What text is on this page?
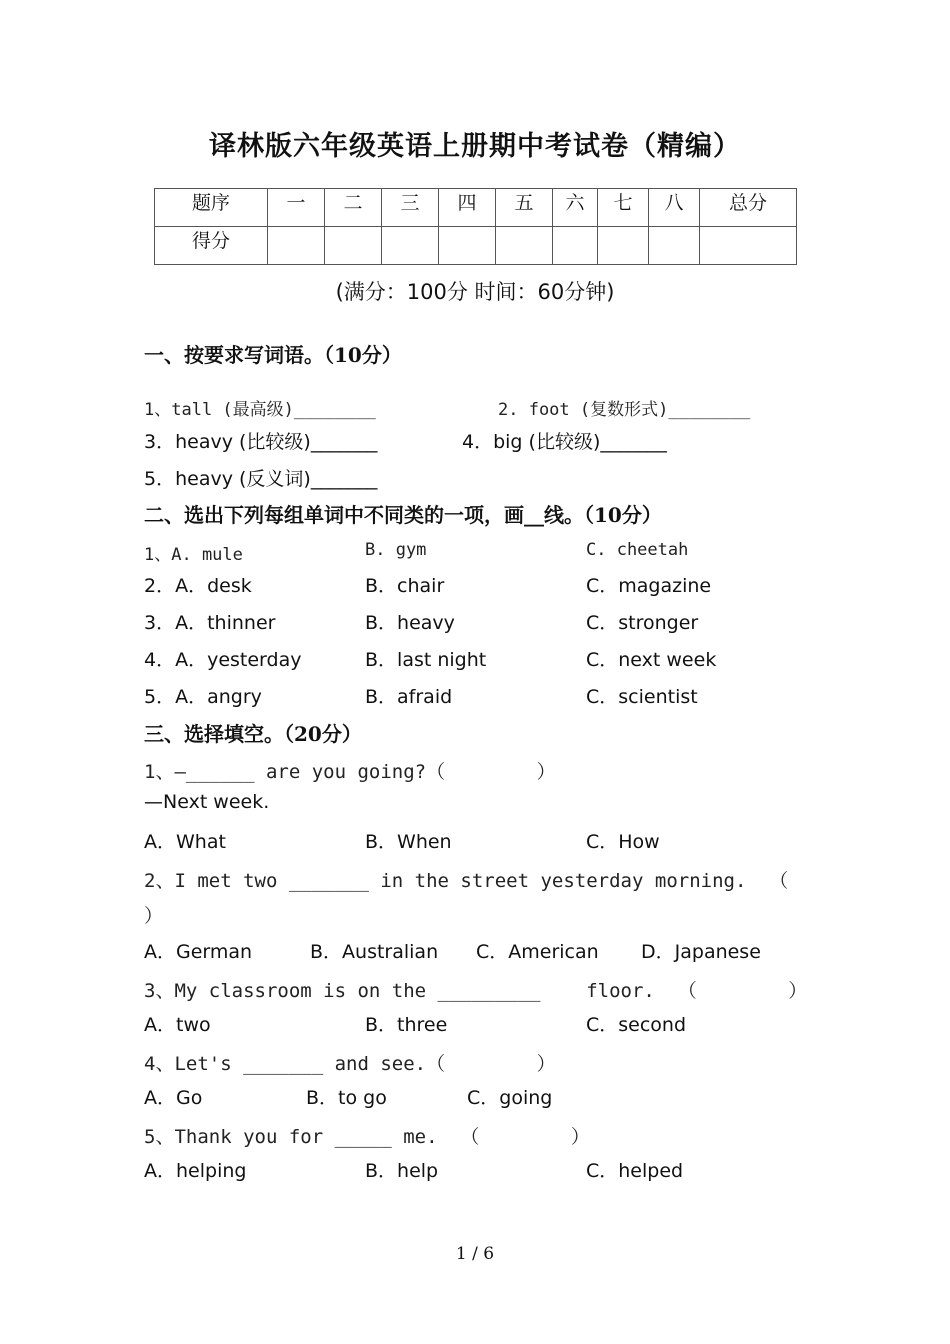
译林版六年级英语上册期中考试卷（精编）
题序	一	二	三	四	五	六	七	八	总分
得分									
(满分：100分 时间：60分钟)
一、按要求写词语。（10分）
1、tall (最高级)________	2. foot (复数形式)________
3．heavy (比较级)_______	4．big (比较级)_______
5．heavy (反义词)_______
二、选出下列每组单词中不同类的一项，画__线。（10分）
1、A. mule	B. gym	C. cheetah
2．A．desk	B．chair	C．magazine
3．A．thinner	B．heavy	C．stronger
4．A．yesterday	B．last night	C．next week
5．A．angry	B．afraid	C．scientist
三、选择填空。（20分）
1、—______ are you going?（        ）
—Next week.
A．What	B．When	C．How
2、I met two _______ in the street yesterday morning.  （
）
A．German	B．Australian C．American D．Japanese
3、My classroom is on the _________    floor.  （        ）
A．two	B．three	C．second
4、Let's _______ and see.（        ）
A．Go	B．to go	C．going
5、Thank you for _____ me.  （        ）
A．helping	B．help	C．helped
1 / 6
